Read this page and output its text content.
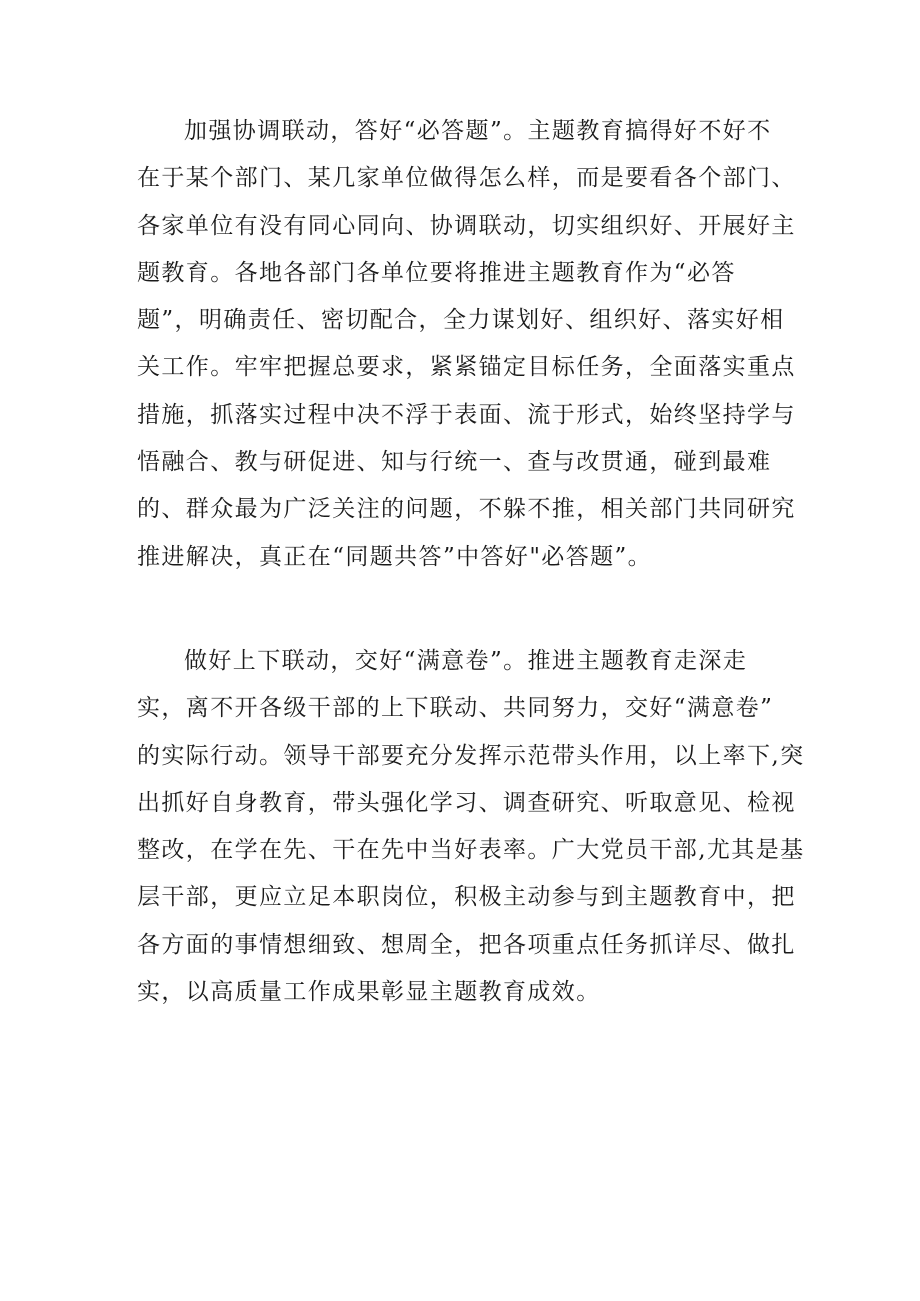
加强协调联动，答好“必答题”。主题教育搞得好不好不
在于某个部门、某几家单位做得怎么样，而是要看各个部门、
各家单位有没有同心同向、协调联动，切实组织好、开展好主
题教育。各地各部门各单位要将推进主题教育作为“必答
题”，明确责任、密切配合，全力谋划好、组织好、落实好相
关工作。牢牢把握总要求，紧紧锚定目标任务，全面落实重点
措施，抓落实过程中决不浮于表面、流于形式，始终坚持学与
悟融合、教与研促进、知与行统一、查与改贯通，碰到最难
的、群众最为广泛关注的问题，不躲不推，相关部门共同研究
推进解决，真正在“同题共答”中答好"必答题”。
做好上下联动，交好“满意卷”。推进主题教育走深走
实，离不开各级干部的上下联动、共同努力，交好“满意卷”
的实际行动。领导干部要充分发挥示范带头作用，以上率下,突
出抓好自身教育，带头强化学习、调查研究、听取意见、检视
整改，在学在先、干在先中当好表率。广大党员干部,尤其是基
层干部，更应立足本职岗位，积极主动参与到主题教育中，把
各方面的事情想细致、想周全，把各项重点任务抓详尽、做扎
实，以高质量工作成果彰显主题教育成效。
